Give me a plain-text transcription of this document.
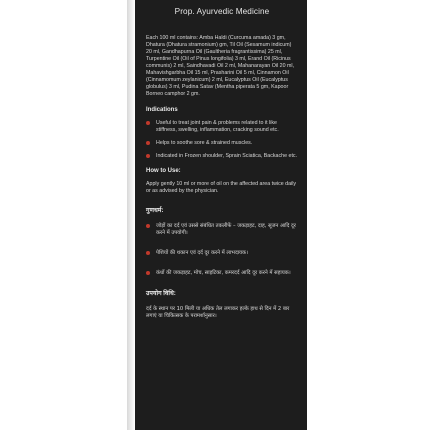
Prop. Ayurvedic Medicine
Each 100 ml contains: Amba Haldi (Curcuma amada) 3 gm, Dhatura (Dhatura stramonium) gm, Til Oil (Sesamum indicum) 20 ml, Gandhapurna Oil (Gaultheria fragrantissima) 25 ml, Turpentine Oil (Oil of Pinus longifolia) 3 ml, Erand Oil (Ricinus communis) 2 ml, Saindhavadi Oil 2 ml, Mahanarayan Oil 20 ml, Mahavishgarbha Oil 15 ml, Prasharini Oil 5 ml, Cinnamon Oil (Cinnamomum zeylanicum) 2 ml, Eucalyptus Oil (Eucalyptus globulus) 3 ml, Pudina Satav (Mentha piperata 5 gm, Kapoor Borneo camphor 2 gm.
Indications
Useful to treat joint pain & problems related to it like stiffness, swelling, inflammation, cracking sound etc.
Helps to soothe sore & strained muscles.
Indicated in Frozen shoulder, Sprain Sciatica, Backache etc.
How to Use:
Apply gently 10 ml or more of oil on the affected area twice daily or as advised by the physician.
गुणधर्म:
जोड़ों का दर्द एवं उससे संबंधित तकलीफें – जकड़ाहट, दाह, सूजन आदि दूर करने में उपयोगी।
पेशियों की थकान एवं दर्द दूर करने में लाभदायक।
कंधों की जकड़ाहट, मोच, साइटिका, कमरदर्द आदि दूर करने में सहायक।
उपयोग विधि:
दर्द के स्थान पर 10 मिली या अधिक तेल लगाकर हल्के हाथ से दिन में 2 बार लगाएं या चिकित्सक के परामर्शानुसार।
